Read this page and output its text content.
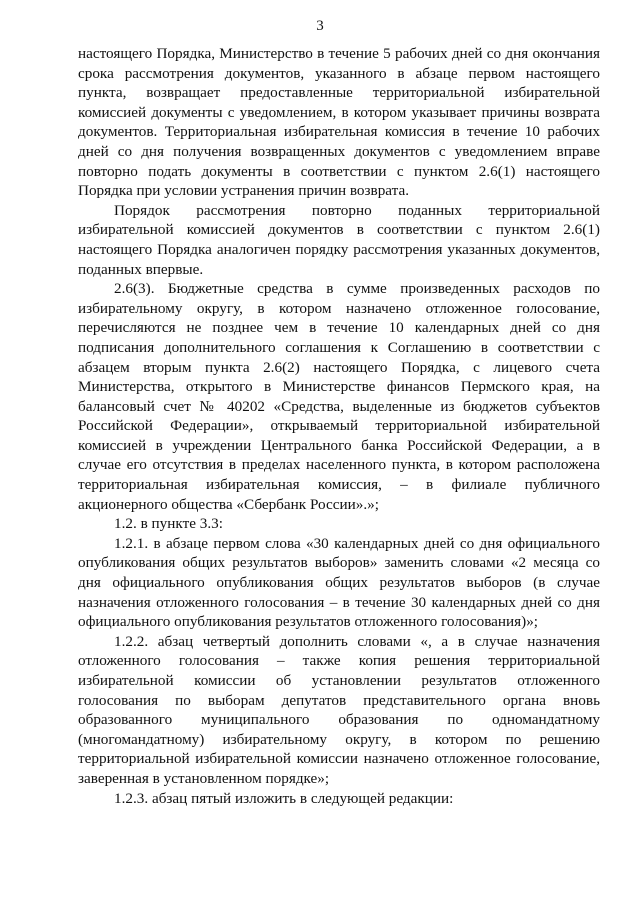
3

настоящего Порядка, Министерство в течение 5 рабочих дней со дня окончания срока рассмотрения документов, указанного в абзаце первом настоящего пункта, возвращает предоставленные территориальной избирательной комиссией документы с уведомлением, в котором указывает причины возврата документов. Территориальная избирательная комиссия в течение 10 рабочих дней со дня получения возвращенных документов с уведомлением вправе повторно подать документы в соответствии с пунктом 2.6(1) настоящего Порядка при условии устранения причин возврата.

Порядок рассмотрения повторно поданных территориальной избирательной комиссией документов в соответствии с пунктом 2.6(1) настоящего Порядка аналогичен порядку рассмотрения указанных документов, поданных впервые.

2.6(3). Бюджетные средства в сумме произведенных расходов по избирательному округу, в котором назначено отложенное голосование, перечисляются не позднее чем в течение 10 календарных дней со дня подписания дополнительного соглашения к Соглашению в соответствии с абзацем вторым пункта 2.6(2) настоящего Порядка, с лицевого счета Министерства, открытого в Министерстве финансов Пермского края, на балансовый счет № 40202 «Средства, выделенные из бюджетов субъектов Российской Федерации», открываемый территориальной избирательной комиссией в учреждении Центрального банка Российской Федерации, а в случае его отсутствия в пределах населенного пункта, в котором расположена территориальная избирательная комиссия, – в филиале публичного акционерного общества «Сбербанк России».»;

1.2. в пункте 3.3:

1.2.1. в абзаце первом слова «30 календарных дней со дня официального опубликования общих результатов выборов» заменить словами «2 месяца со дня официального опубликования общих результатов выборов (в случае назначения отложенного голосования – в течение 30 календарных дней со дня официального опубликования результатов отложенного голосования)»;

1.2.2. абзац четвертый дополнить словами «, а в случае назначения отложенного голосования – также копия решения территориальной избирательной комиссии об установлении результатов отложенного голосования по выборам депутатов представительного органа вновь образованного муниципального образования по одномандатному (многомандатному) избирательному округу, в котором по решению территориальной избирательной комиссии назначено отложенное голосование, заверенная в установленном порядке»;

1.2.3. абзац пятый изложить в следующей редакции:
